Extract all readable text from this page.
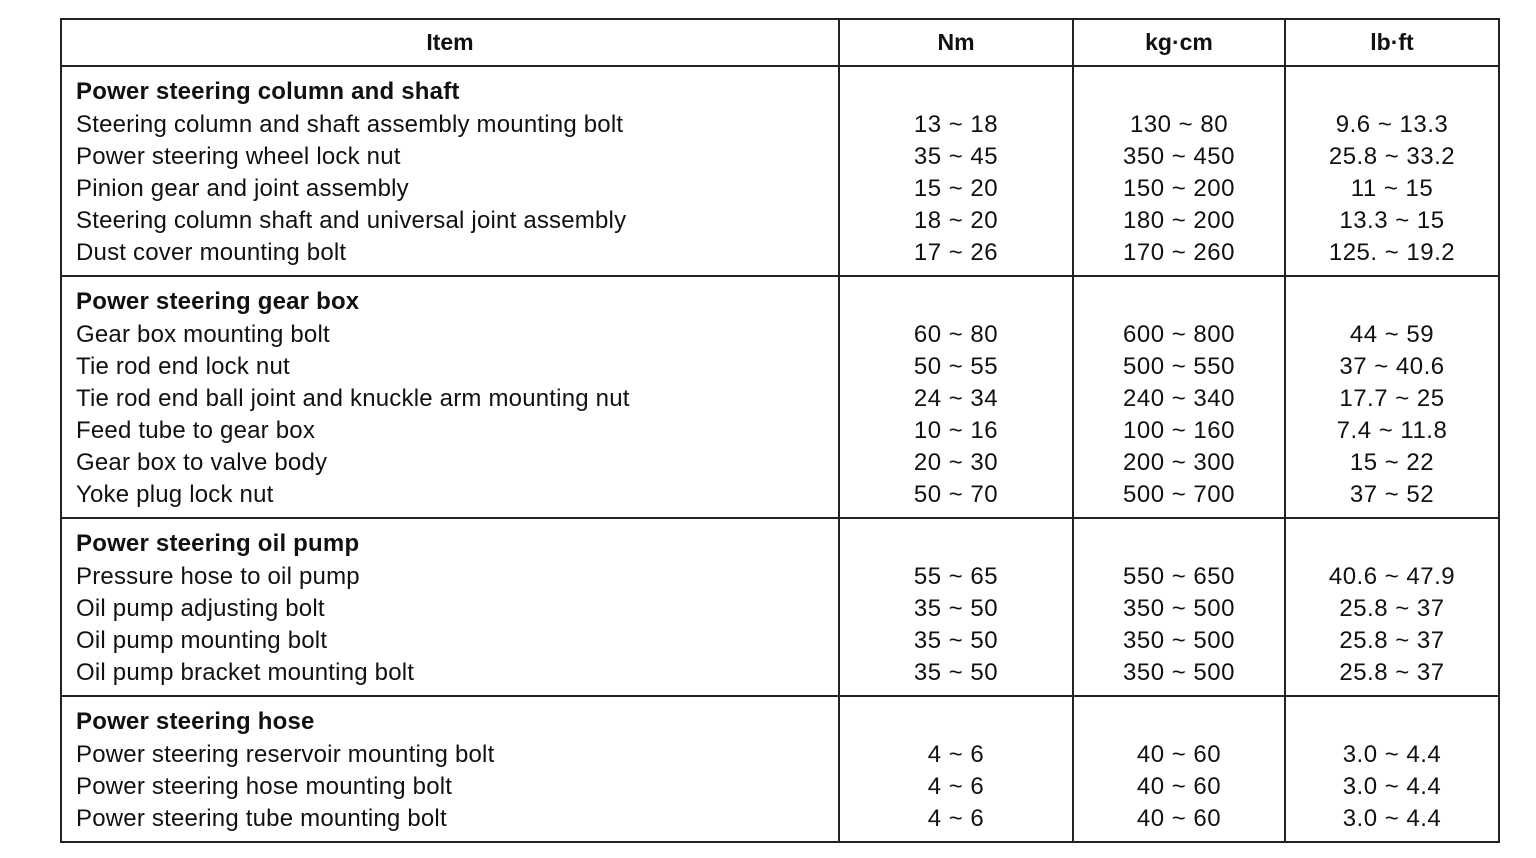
Item	Nm	kg·cm	lb·ft
Power steering column and shaft			
Steering column and shaft assembly mounting bolt	13 ~ 18	130 ~ 80	9.6 ~ 13.3
Power steering wheel lock nut	35 ~ 45	350 ~ 450	25.8 ~ 33.2
Pinion gear and joint assembly	15 ~ 20	150 ~ 200	11 ~ 15
Steering column shaft and universal joint assembly	18 ~ 20	180 ~ 200	13.3 ~ 15
Dust cover mounting bolt	17 ~ 26	170 ~ 260	125. ~ 19.2
Power steering gear box			
Gear box mounting bolt	60 ~ 80	600 ~ 800	44 ~ 59
Tie rod end lock nut	50 ~ 55	500 ~ 550	37 ~ 40.6
Tie rod end ball joint and knuckle arm mounting nut	24 ~ 34	240 ~ 340	17.7 ~ 25
Feed tube to gear box	10 ~ 16	100 ~ 160	7.4 ~ 11.8
Gear box to valve body	20 ~ 30	200 ~ 300	15 ~ 22
Yoke plug lock nut	50 ~ 70	500 ~ 700	37 ~ 52
Power steering oil pump			
Pressure hose to oil pump	55 ~ 65	550 ~ 650	40.6 ~ 47.9
Oil pump adjusting bolt	35 ~ 50	350 ~ 500	25.8 ~ 37
Oil pump mounting bolt	35 ~ 50	350 ~ 500	25.8 ~ 37
Oil pump bracket mounting bolt	35 ~ 50	350 ~ 500	25.8 ~ 37
Power steering hose			
Power steering reservoir mounting bolt	4 ~ 6	40 ~ 60	3.0 ~ 4.4
Power steering hose mounting bolt	4 ~ 6	40 ~ 60	3.0 ~ 4.4
Power steering tube mounting bolt	4 ~ 6	40 ~ 60	3.0 ~ 4.4
